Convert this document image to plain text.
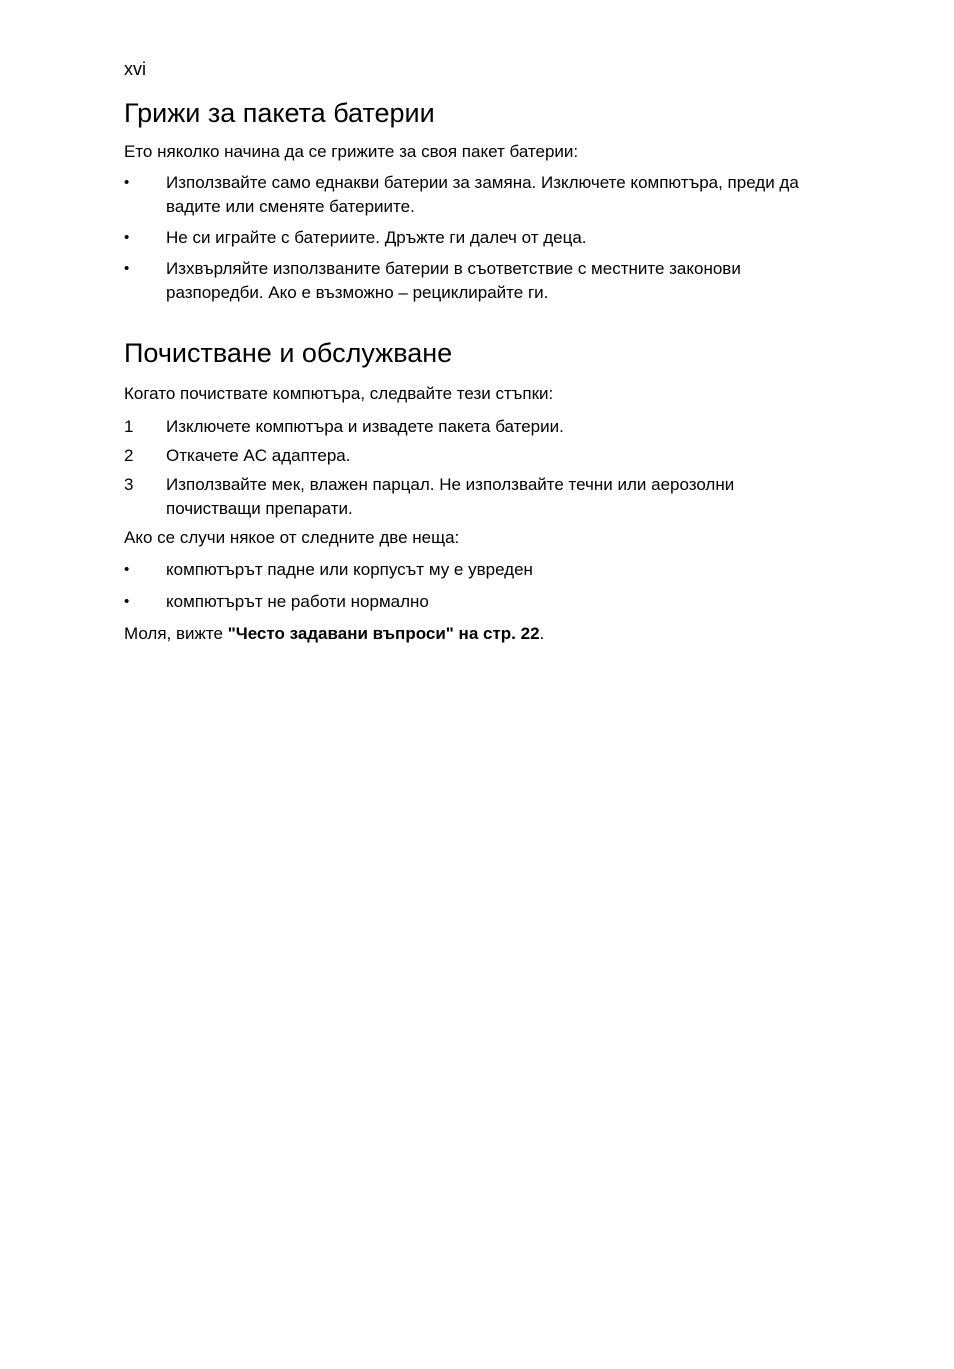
xvi
Грижи за пакета батерии

Ето няколко начина да се грижите за своя пакет батерии:

•	Използвайте само еднакви батерии за замяна. Изключете компютъра, преди да вадите или сменяте батериите.
•	Не си играйте с батериите. Дръжте ги далеч от деца.
•	Изхвърляйте използваните батерии в съответствие с местните законови разпоредби. Ако е възможно – рециклирайте ги.
Почистване и обслужване

Когато почиствате компютъра, следвайте тези стъпки:

1	Изключете компютъра и извадете пакета батерии.
2	Откачете AC адаптера.
3	Използвайте мек, влажен парцал. Не използвайте течни или аерозолни почистващи препарати.

Ако се случи някое от следните две неща:

•	компютърът падне или корпусът му е увреден
•	компютърът не работи нормално

Моля, вижте "Често задавани въпроси" на стр. 22.
